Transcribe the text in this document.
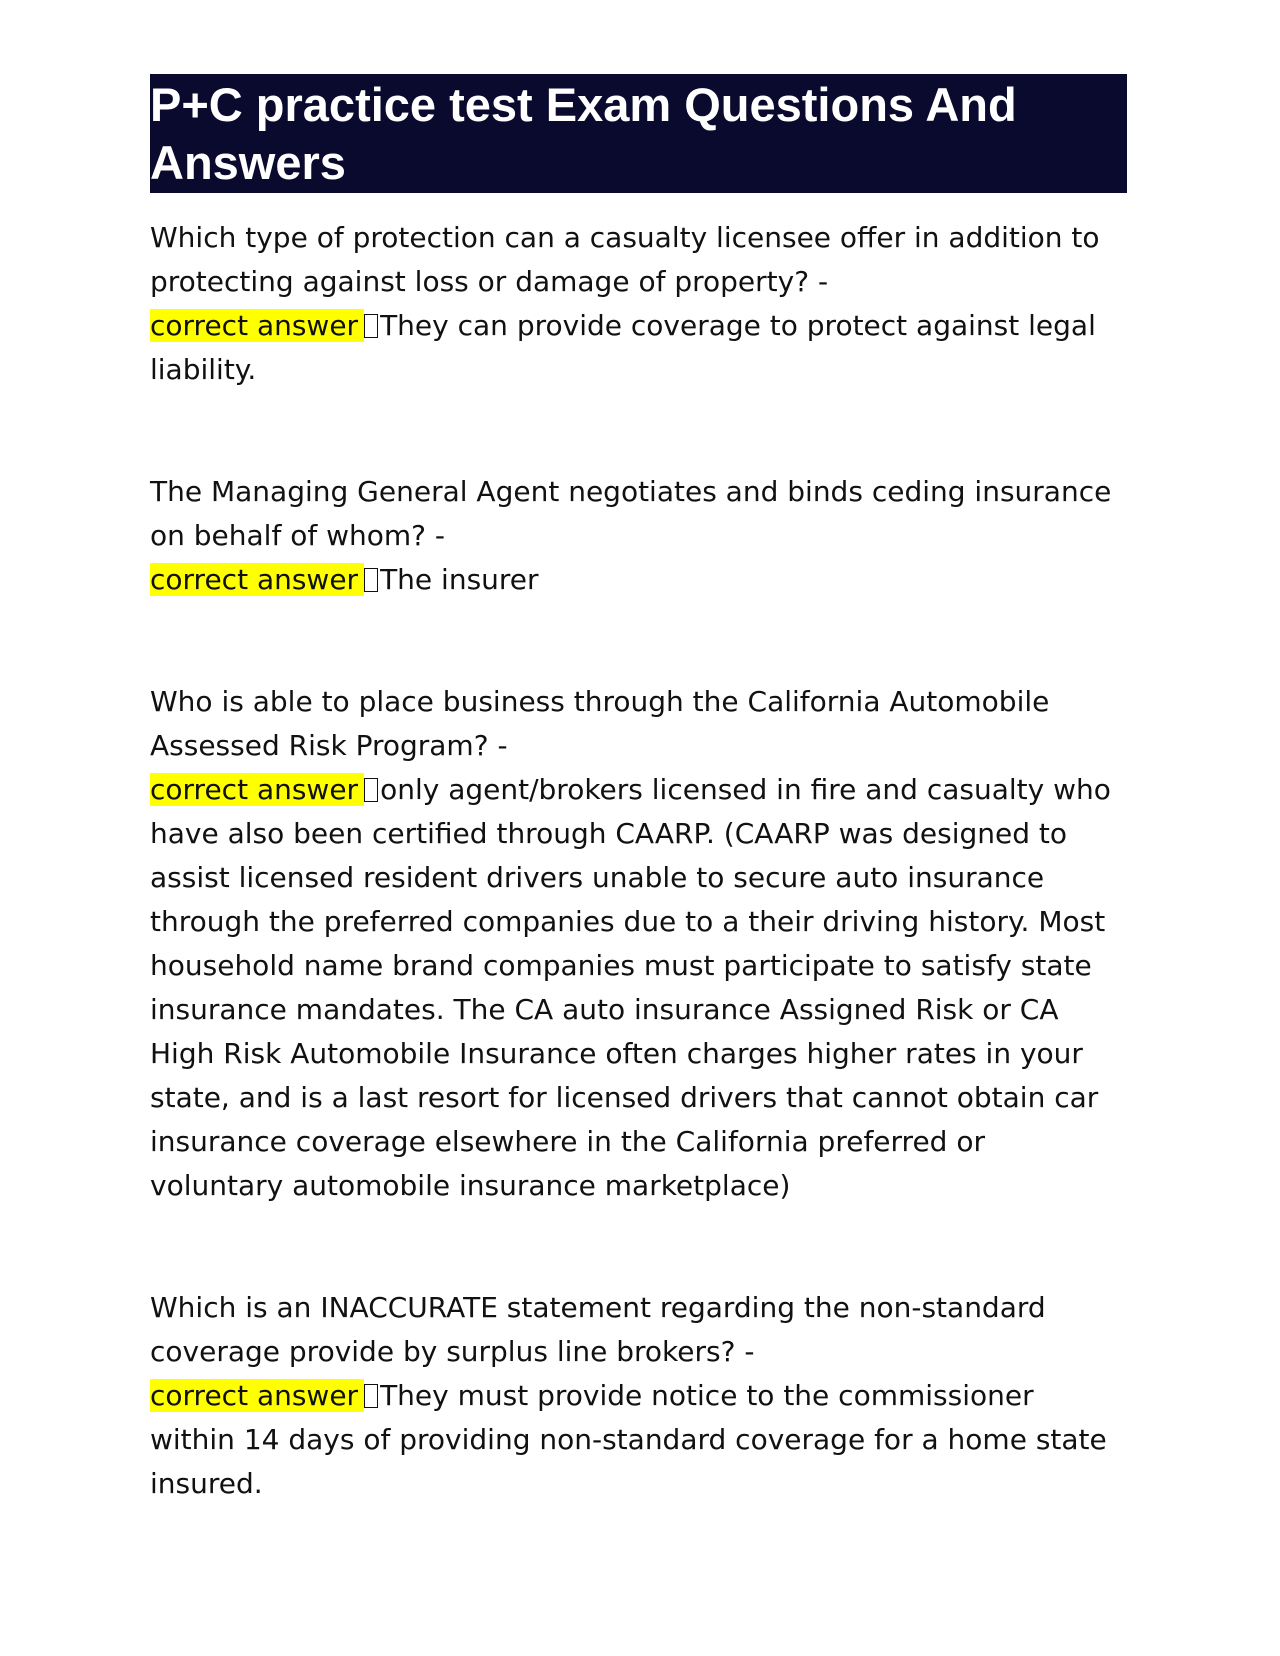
P+C practice test Exam Questions And Answers
Which type of protection can a casualty licensee offer in addition to protecting against loss or damage of property? -
correct answer They can provide coverage to protect against legal liability.
The Managing General Agent negotiates and binds ceding insurance on behalf of whom? -
correct answer The insurer
Who is able to place business through the California Automobile Assessed Risk Program? -
correct answer only agent/brokers licensed in fire and casualty who have also been certified through CAARP. (CAARP was designed to assist licensed resident drivers unable to secure auto insurance through the preferred companies due to a their driving history. Most household name brand companies must participate to satisfy state insurance mandates. The CA auto insurance Assigned Risk or CA High Risk Automobile Insurance often charges higher rates in your state, and is a last resort for licensed drivers that cannot obtain car insurance coverage elsewhere in the California preferred or voluntary automobile insurance marketplace)
Which is an INACCURATE statement regarding the non-standard coverage provide by surplus line brokers? -
correct answer They must provide notice to the commissioner within 14 days of providing non-standard coverage for a home state insured.
